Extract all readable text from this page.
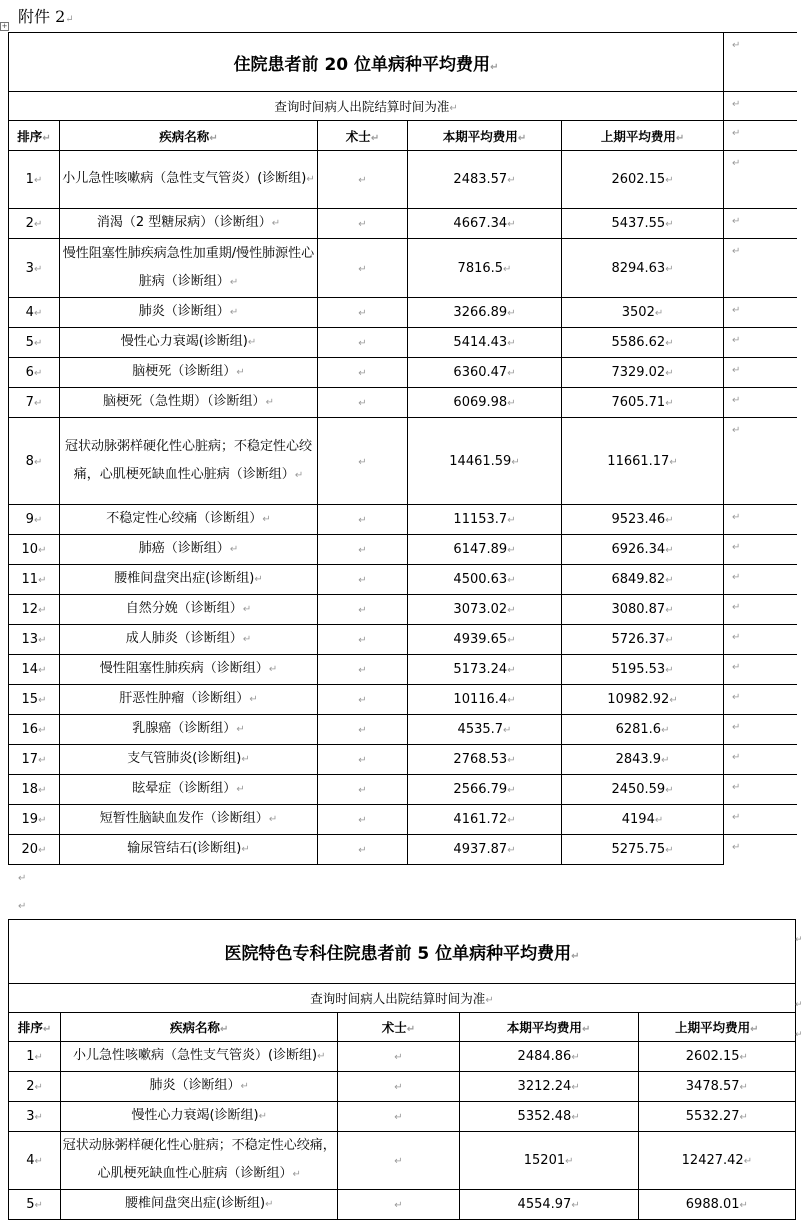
附件 2↵
+
住院患者前 20 位单病种平均费用↵					↵
查询时间病人出院结算时间为准↵					↵
排序↵	疾病名称↵	术士↵	本期平均费用↵	上期平均费用↵	↵
1↵	小儿急性咳嗽病（急性支气管炎）(诊断组)↵	↵	2483.57↵	2602.15↵	↵
2↵	消渴（2 型糖尿病）（诊断组）↵	↵	4667.34↵	5437.55↵	↵
3↵	慢性阻塞性肺疾病急性加重期/慢性肺源性心脏病（诊断组）↵	↵	7816.5↵	8294.63↵	↵
4↵	肺炎（诊断组）↵	↵	3266.89↵	3502↵	↵
5↵	慢性心力衰竭(诊断组)↵	↵	5414.43↵	5586.62↵	↵
6↵	脑梗死（诊断组）↵	↵	6360.47↵	7329.02↵	↵
7↵	脑梗死（急性期）（诊断组）↵	↵	6069.98↵	7605.71↵	↵
8↵	冠状动脉粥样硬化性心脏病；不稳定性心绞痛，心肌梗死缺血性心脏病（诊断组）↵	↵	14461.59↵	11661.17↵	↵
9↵	不稳定性心绞痛（诊断组）↵	↵	11153.7↵	9523.46↵	↵
10↵	肺癌（诊断组）↵	↵	6147.89↵	6926.34↵	↵
11↵	腰椎间盘突出症(诊断组)↵	↵	4500.63↵	6849.82↵	↵
12↵	自然分娩（诊断组）↵	↵	3073.02↵	3080.87↵	↵
13↵	成人肺炎（诊断组）↵	↵	4939.65↵	5726.37↵	↵
14↵	慢性阻塞性肺疾病（诊断组）↵	↵	5173.24↵	5195.53↵	↵
15↵	肝恶性肿瘤（诊断组）↵	↵	10116.4↵	10982.92↵	↵
16↵	乳腺癌（诊断组）↵	↵	4535.7↵	6281.6↵	↵
17↵	支气管肺炎(诊断组)↵	↵	2768.53↵	2843.9↵	↵
18↵	眩晕症（诊断组）↵	↵	2566.79↵	2450.59↵	↵
19↵	短暂性脑缺血发作（诊断组）↵	↵	4161.72↵	4194↵	↵
20↵	输尿管结石(诊断组)↵	↵	4937.87↵	5275.75↵	↵
↵
↵
医院特色专科住院患者前 5 位单病种平均费用↵				
查询时间病人出院结算时间为准↵				
排序↵	疾病名称↵	术士↵	本期平均费用↵	上期平均费用↵
1↵	小儿急性咳嗽病（急性支气管炎）(诊断组)↵	↵	2484.86↵	2602.15↵
2↵	肺炎（诊断组）↵	↵	3212.24↵	3478.57↵
3↵	慢性心力衰竭(诊断组)↵	↵	5352.48↵	5532.27↵
4↵	冠状动脉粥样硬化性心脏病；不稳定性心绞痛，心肌梗死缺血性心脏病（诊断组）↵	↵	15201↵	12427.42↵
5↵	腰椎间盘突出症(诊断组)↵	↵	4554.97↵	6988.01↵
↵
↵
↵
